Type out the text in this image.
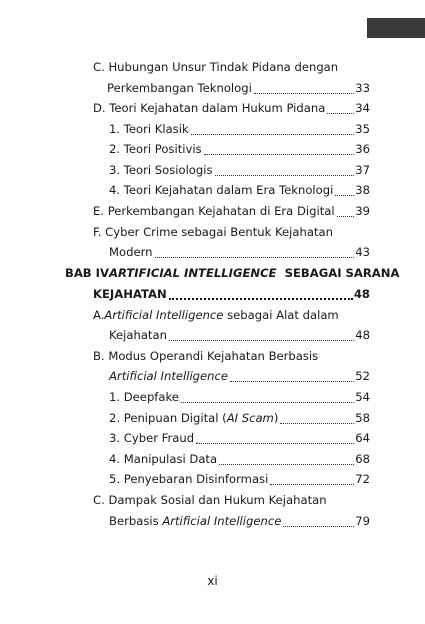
C. Hubungan Unsur Tindak Pidana dengan
Perkembangan Teknologi	33
D. Teori Kejahatan dalam Hukum Pidana	34
1. Teori Klasik	35
2. Teori Positivis	36
3. Teori Sosiologis	37
4. Teori Kejahatan dalam Era Teknologi 38
E. Perkembangan Kejahatan di Era Digital 39
F. Cyber Crime sebagai Bentuk Kejahatan
Modern	43
BAB IV ARTIFICIAL INTELLIGENCE SEBAGAI SARANA
KEJAHATAN	48
A. Artificial Intelligence sebagai Alat dalam
Kejahatan	48
B. Modus Operandi Kejahatan Berbasis
Artificial Intelligence	52
1. Deepfake	54
2. Penipuan Digital ( AI Scam )	58
3. Cyber Fraud	64
4. Manipulasi Data	68
5. Penyebaran Disinformasi	72
C. Dampak Sosial dan Hukum Kejahatan
Berbasis Artificial Intelligence	79
xi
